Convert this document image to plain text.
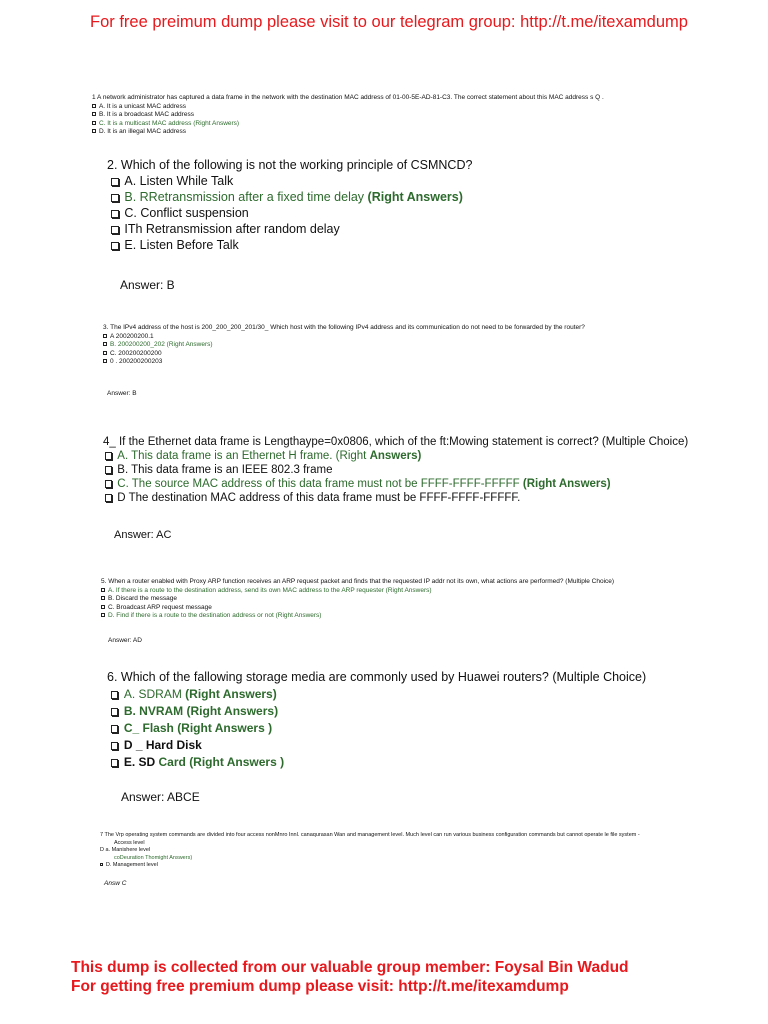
For free preimum dump please visit to our telegram group: http://t.me/itexamdump
1 A network administrator has captured a data frame in the network with the destination MAC address of 01-00-5E-AD-81-C3. The correct statement about this MAC address s Q .
A. It is a unicast MAC address
B. It is a broadcast MAC address
C. It is a multicast MAC address (Right Answers)
D. It is an illegal MAC address
2. Which of the following is not the working principle of CSMNCD?
A. Listen While Talk
B. RRetransmission after a fixed time delay (Right Answers)
C. Conflict suspension
ITh Retransmission after random delay
E. Listen Before Talk
Answer: B
3. The IPv4 address of the host is 200_200_200_201/30_ Which host with the following IPv4 address and its communication do not need to be forwarded by the router?
A 200200200.1
B. 200200200_202 (Right Answers)
C. 200200200200
0 . 200200200203
Answer: B
4_ If the Ethernet data frame is Lengthaype=0x0806, which of the ft:Mowing statement is correct? (Multiple Choice)
A. This data frame is an Ethernet H frame. (Right Answers)
B. This data frame is an IEEE 802.3 frame
C. The source MAC address of this data frame must not be FFFF-FFFF-FFFFF (Right Answers)
D The destination MAC address of this data frame must be FFFF-FFFF-FFFFF.
Answer: AC
5. When a router enabled with Proxy ARP function receives an ARP request packet and finds that the requested IP addr not its own, what actions are performed? (Multiple Choice)
A. If there is a route to the destination address, send its own MAC address to the ARP requester (Right Answers)
B. Discard the message
C. Broadcast ARP request message
D. Find if there is a route to the destination address or not (Right Answers)
Answer: AD
6. Which of the fallowing storage media are commonly used by Huawei routers? (Multiple Choice)
A. SDRAM (Right Answers)
B. NVRAM (Right Answers)
C_ Flash (Right Answers )
D _ Hard Disk
E. SD Card (Right Answers )
Answer: ABCE
7 The Vrp operating system commands are divided into four access nonMnro Innl. canaqurasan Wan and management level. Much level can run various business configuration commands but cannot operate le file system -
Access level
D a. Manishere level
coDeuration Thomight Answers)
D. Management level
Answ C
This dump is collected from our valuable group member: Foysal Bin Wadud
For getting free premium dump please visit: http://t.me/itexamdump
